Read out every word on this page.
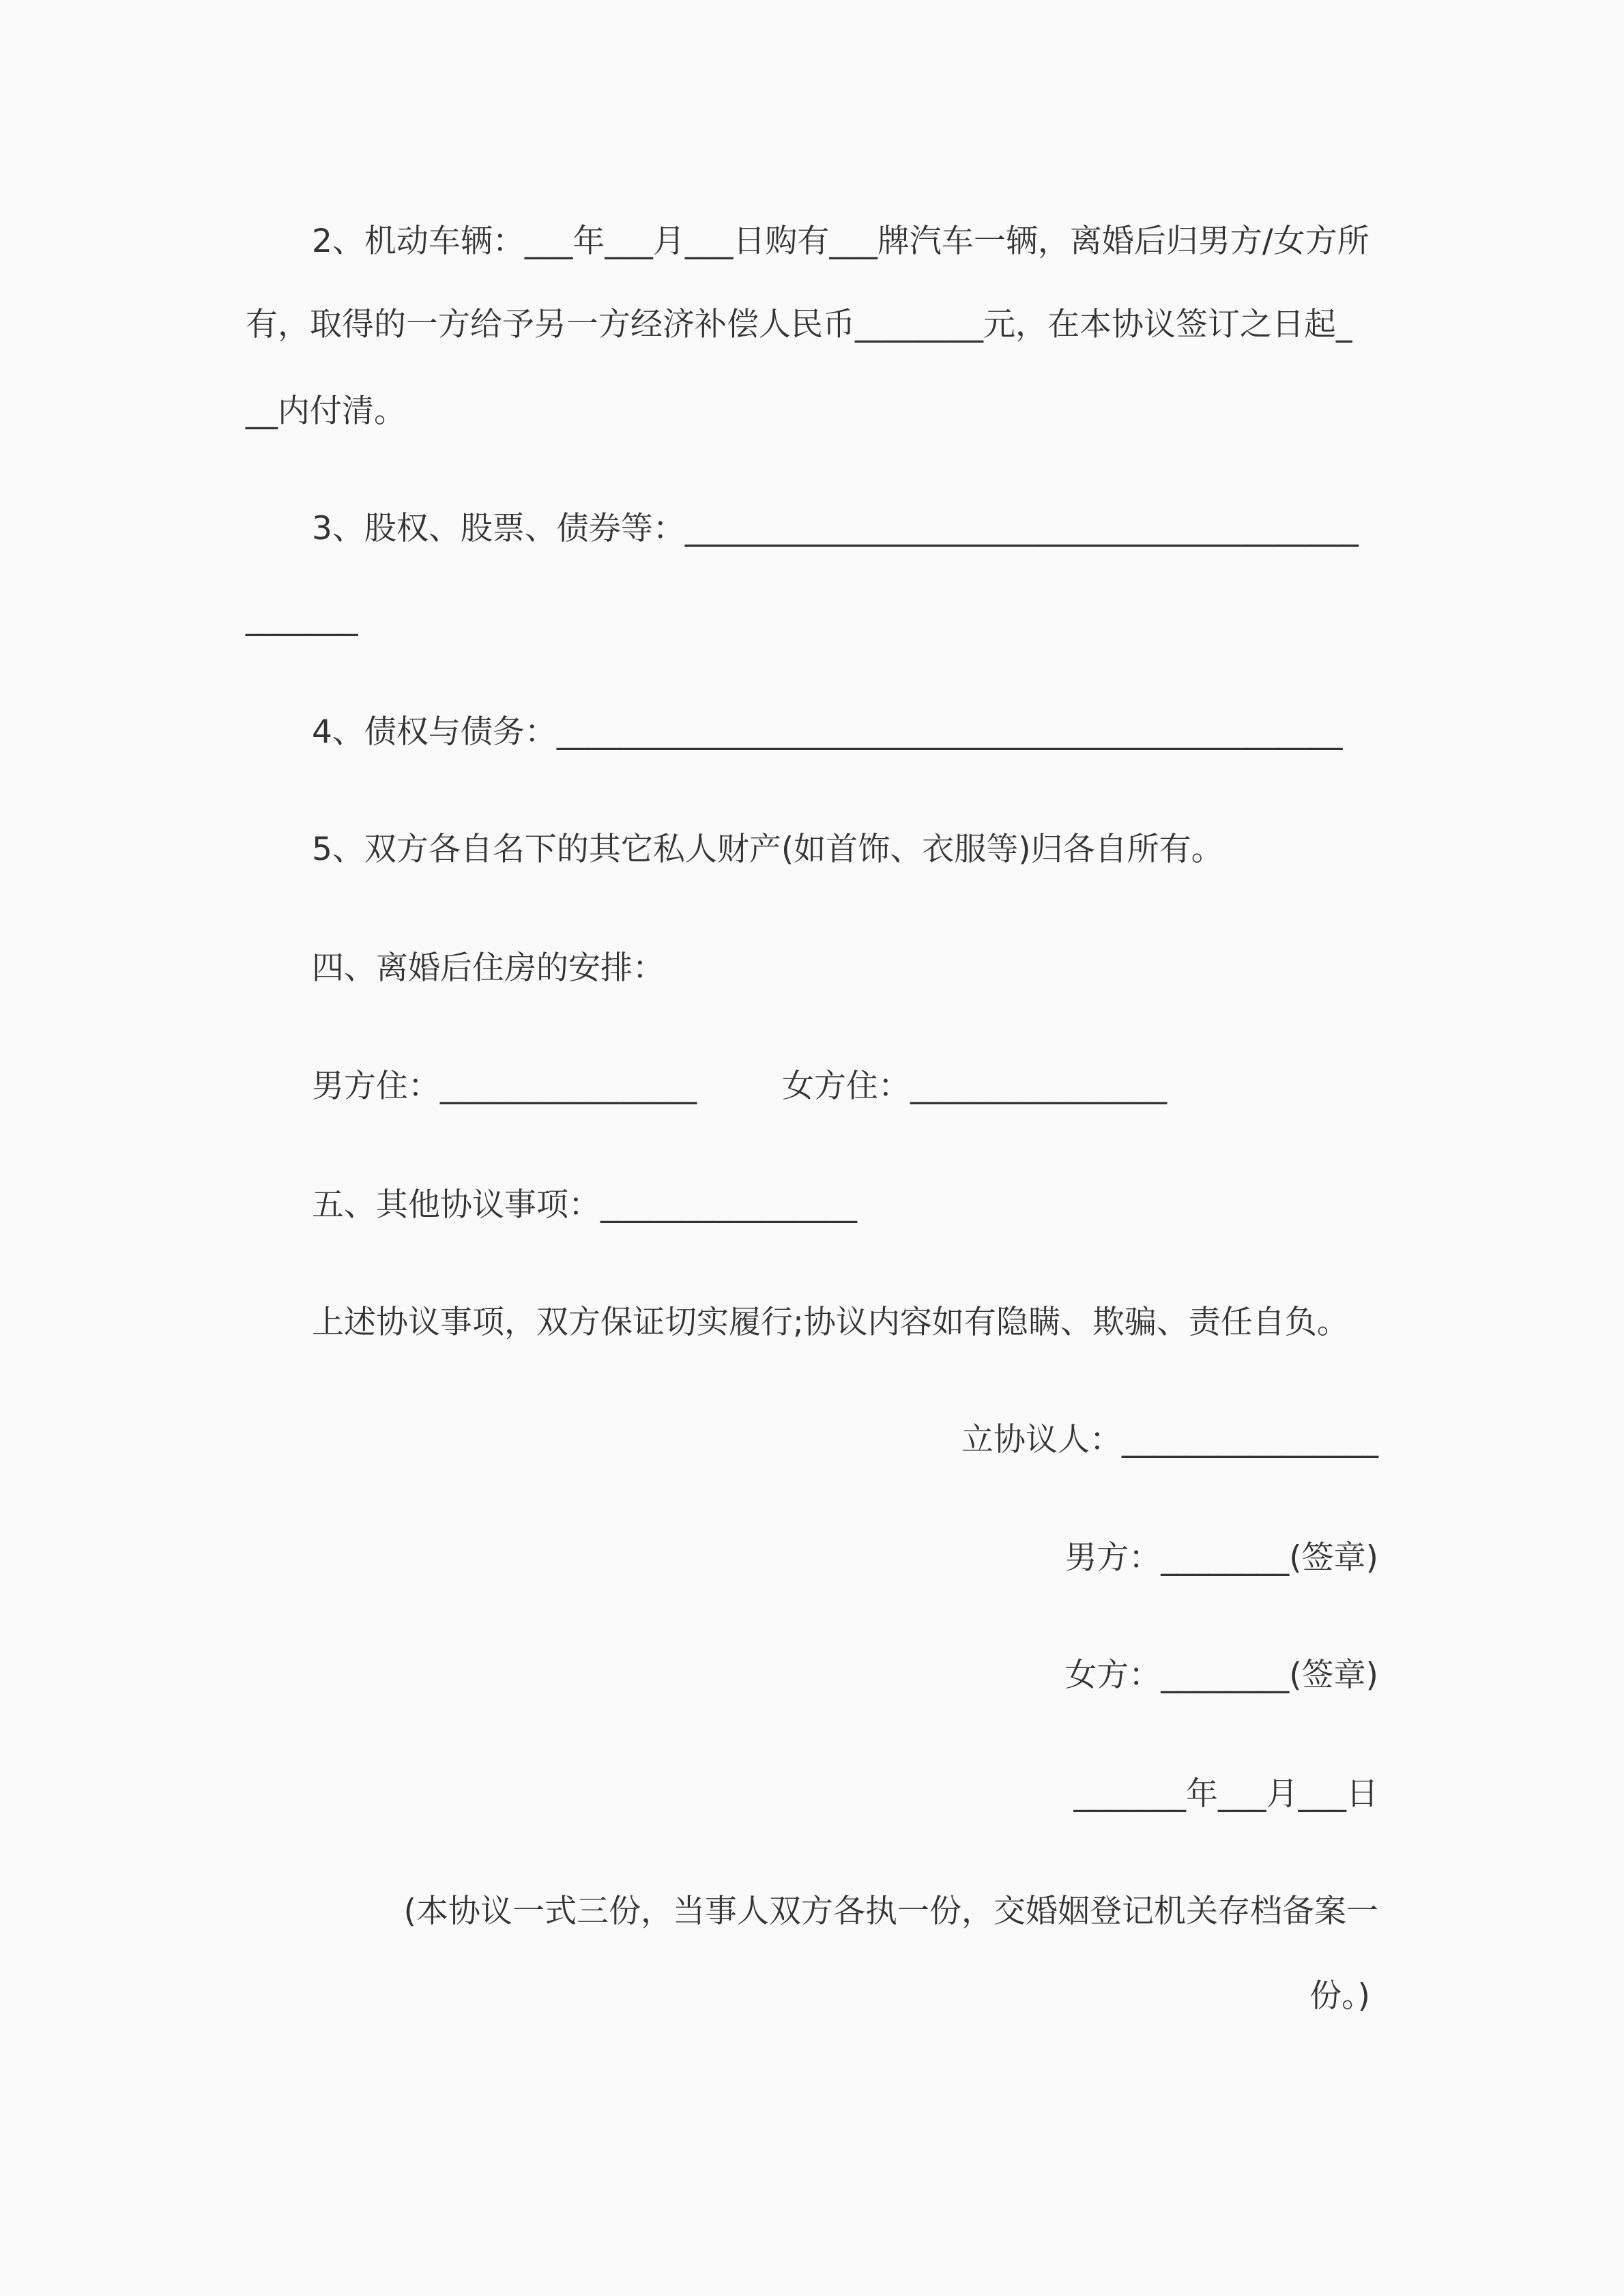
2、机动车辆：___年___月___日购有___牌汽车一辆，离婚后归男方/女方所
有，取得的一方给予另一方经济补偿人民币________元，在本协议签订之日起_
__内付清。
3、股权、股票、债券等：__________________________________________
_______
4、债权与债务：_________________________________________________
5、双方各自名下的其它私人财产(如首饰、衣服等)归各自所有。
四、离婚后住房的安排：
男方住：________________	女方住：________________
五、其他协议事项：________________
上述协议事项，双方保证切实履行;协议内容如有隐瞒、欺骗、责任自负。
立协议人：________________
男方：________(签章)
女方：________(签章)
_______年___月___日
(本协议一式三份，当事人双方各执一份，交婚姻登记机关存档备案一
份。)
